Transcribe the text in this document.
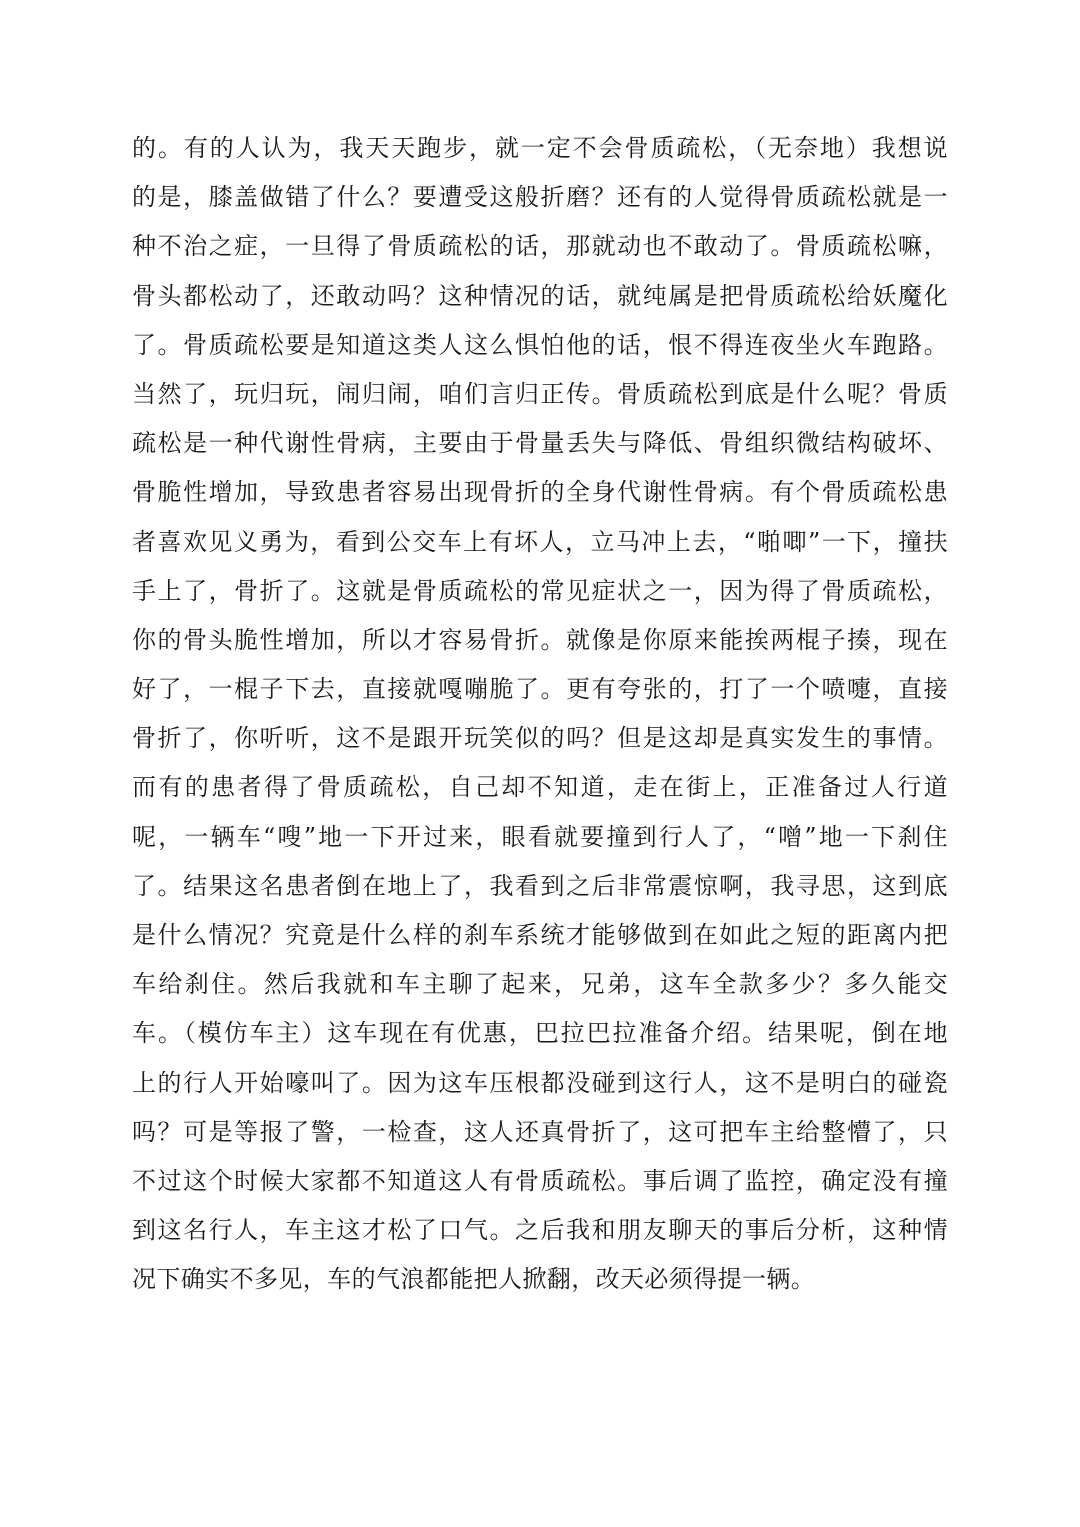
的。有的人认为，我天天跑步，就一定不会骨质疏松，（无奈地）我想说
的是，膝盖做错了什么？要遭受这般折磨？还有的人觉得骨质疏松就是一
种不治之症，一旦得了骨质疏松的话，那就动也不敢动了。骨质疏松嘛，
骨头都松动了，还敢动吗？这种情况的话，就纯属是把骨质疏松给妖魔化
了。骨质疏松要是知道这类人这么惧怕他的话，恨不得连夜坐火车跑路。
当然了，玩归玩，闹归闹，咱们言归正传。骨质疏松到底是什么呢？骨质
疏松是一种代谢性骨病，主要由于骨量丢失与降低、骨组织微结构破坏、
骨脆性增加，导致患者容易出现骨折的全身代谢性骨病。有个骨质疏松患
者喜欢见义勇为，看到公交车上有坏人，立马冲上去，“啪唧”一下，撞扶
手上了，骨折了。这就是骨质疏松的常见症状之一，因为得了骨质疏松，
你的骨头脆性增加，所以才容易骨折。就像是你原来能挨两棍子揍，现在
好了，一棍子下去，直接就嘎嘣脆了。更有夸张的，打了一个喷嚏，直接
骨折了，你听听，这不是跟开玩笑似的吗？但是这却是真实发生的事情。
而有的患者得了骨质疏松，自己却不知道，走在街上，正准备过人行道
呢，一辆车“嗖”地一下开过来，眼看就要撞到行人了，“噌”地一下刹住
了。结果这名患者倒在地上了，我看到之后非常震惊啊，我寻思，这到底
是什么情况？究竟是什么样的刹车系统才能够做到在如此之短的距离内把
车给刹住。然后我就和车主聊了起来，兄弟，这车全款多少？多久能交
车。（模仿车主）这车现在有优惠，巴拉巴拉准备介绍。结果呢，倒在地
上的行人开始嚎叫了。因为这车压根都没碰到这行人，这不是明白的碰瓷
吗？可是等报了警，一检查，这人还真骨折了，这可把车主给整懵了，只
不过这个时候大家都不知道这人有骨质疏松。事后调了监控，确定没有撞
到这名行人，车主这才松了口气。之后我和朋友聊天的事后分析，这种情
况下确实不多见，车的气浪都能把人掀翻，改天必须得提一辆。
